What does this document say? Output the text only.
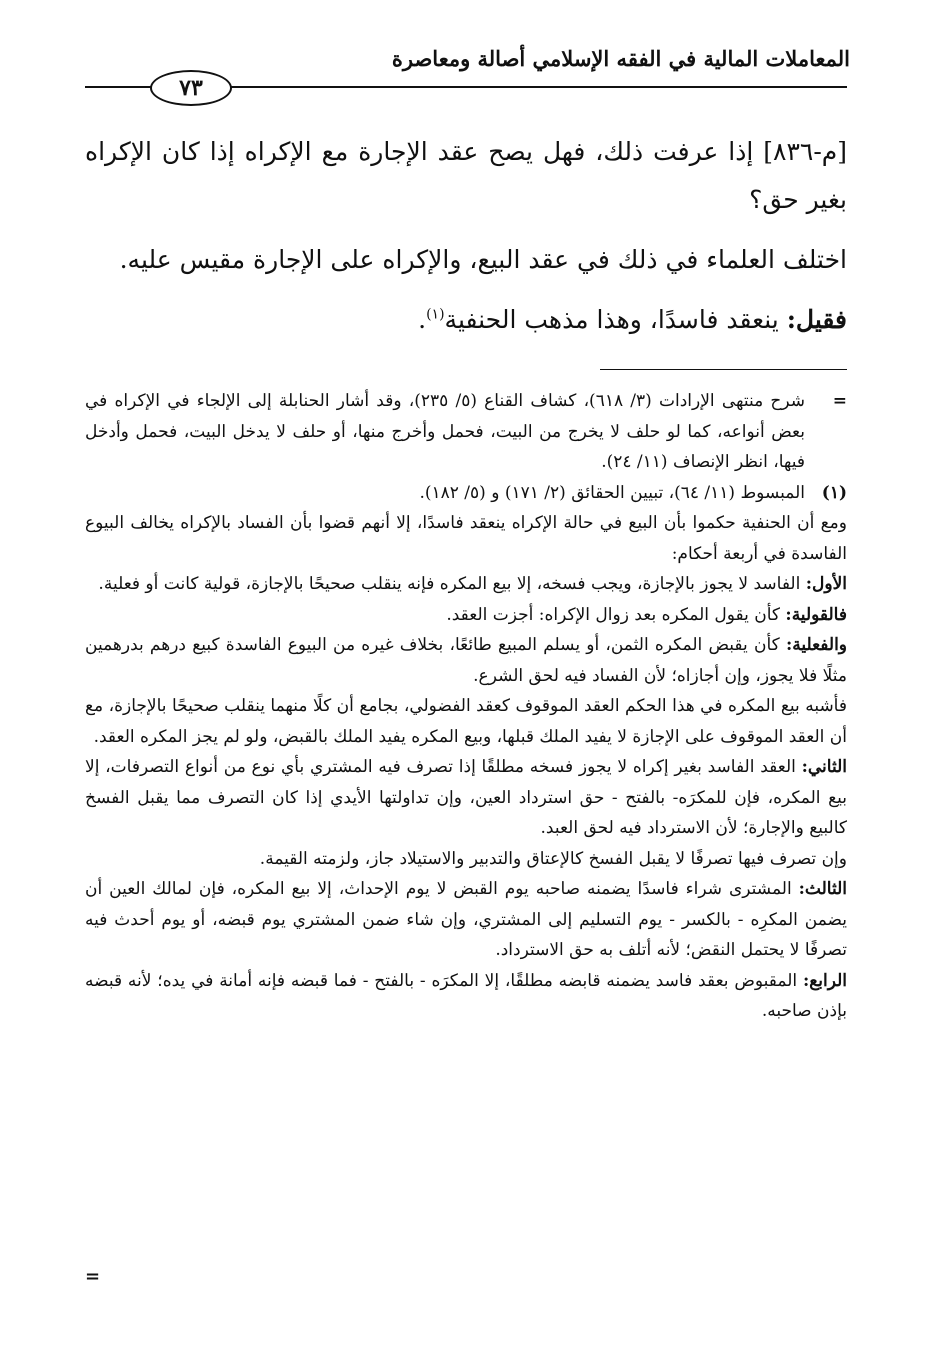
المعاملات المالية في الفقه الإسلامي أصالة ومعاصرة
٧٣

[م-٨٣٦] إذا عرفت ذلك، فهل يصح عقد الإجارة مع الإكراه إذا كان الإكراه بغير حق؟

اختلف العلماء في ذلك في عقد البيع، والإكراه على الإجارة مقيس عليه.

فقيل: ينعقد فاسدًا، وهذا مذهب الحنفية$^{(١)}$.

=
شرح منتهى الإرادات (٣/ ٦١٨)، كشاف القناع (٥/ ٢٣٥)، وقد أشار الحنابلة إلى الإلجاء في الإكراه في بعض أنواعه، كما لو حلف لا يخرج من البيت، فحمل وأخرج منها، أو حلف لا يدخل البيت، فحمل وأدخل فيها، انظر الإنصاف (١١/ ٢٤).

(١)
المبسوط (١١/ ٦٤)، تبيين الحقائق (٢/ ١٧١) و (٥/ ١٨٢).

ومع أن الحنفية حكموا بأن البيع في حالة الإكراه ينعقد فاسدًا، إلا أنهم قضوا بأن الفساد بالإكراه يخالف البيوع الفاسدة في أربعة أحكام:

الأول: الفاسد لا يجوز بالإجازة، ويجب فسخه، إلا بيع المكره فإنه ينقلب صحيحًا بالإجازة، قولية كانت أو فعلية.

فالقولية: كأن يقول المكره بعد زوال الإكراه: أجزت العقد.

والفعلية: كأن يقبض المكره الثمن، أو يسلم المبيع طائعًا، بخلاف غيره من البيوع الفاسدة كبيع درهم بدرهمين مثلًا فلا يجوز، وإن أجازاه؛ لأن الفساد فيه لحق الشرع.

فأشبه بيع المكره في هذا الحكم العقد الموقوف كعقد الفضولي، بجامع أن كلًا منهما ينقلب صحيحًا بالإجازة، مع أن العقد الموقوف على الإجازة لا يفيد الملك قبلها، وبيع المكره يفيد الملك بالقبض، ولو لم يجز المكره العقد.

الثاني: العقد الفاسد بغير إكراه لا يجوز فسخه مطلقًا إذا تصرف فيه المشتري بأي نوع من أنواع التصرفات، إلا بيع المكره، فإن للمكرَه- بالفتح - حق استرداد العين، وإن تداولتها الأيدي إذا كان التصرف مما يقبل الفسخ كالبيع والإجارة؛ لأن الاسترداد فيه لحق العبد.

وإن تصرف فيها تصرفًا لا يقبل الفسخ كالإعتاق والتدبير والاستيلاد جاز، ولزمته القيمة.

الثالث: المشترى شراء فاسدًا يضمنه صاحبه يوم القبض لا يوم الإحداث، إلا بيع المكره، فإن لمالك العين أن يضمن المكرِه - بالكسر - يوم التسليم إلى المشتري، وإن شاء ضمن المشتري يوم قبضه، أو يوم أحدث فيه تصرفًا لا يحتمل النقض؛ لأنه أتلف به حق الاسترداد.

الرابع: المقبوض بعقد فاسد يضمنه قابضه مطلقًا، إلا المكرَه - بالفتح - فما قبضه فإنه أمانة في يده؛ لأنه قبضه بإذن صاحبه.

=
